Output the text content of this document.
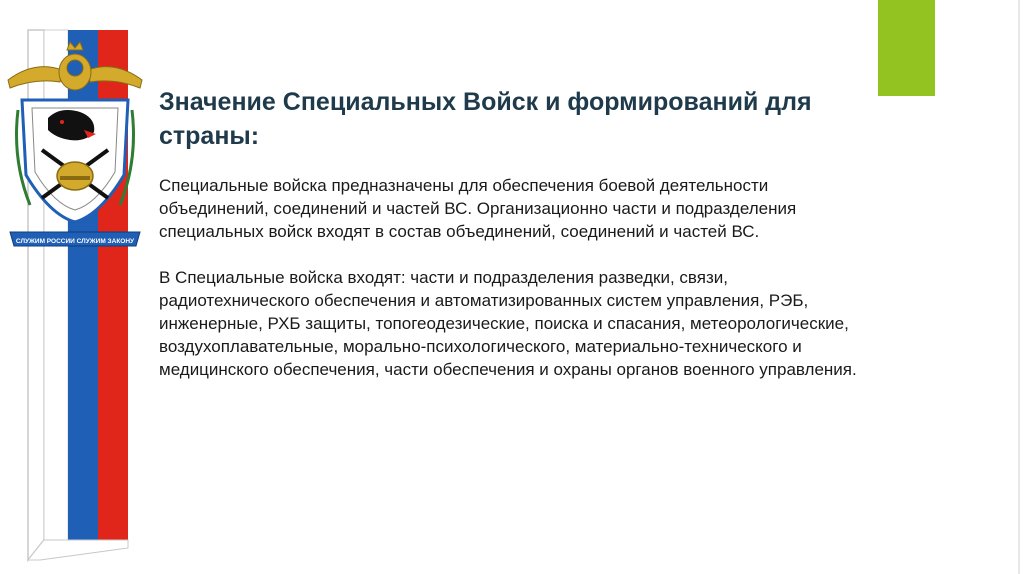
СЛУЖИМ РОССИИ СЛУЖИМ ЗАКОНУ
Значение Специальных Войск и формирований для страны:

Специальные войска предназначены для обеспечения боевой деятельности объединений, соединений и частей ВС. Организационно части и подразделения специальных войск входят в состав объединений, соединений и частей ВС.

В Специальные войска входят: части и подразделения разведки, связи, радиотехнического обеспечения и автоматизированных систем управления, РЭБ, инженерные, РХБ защиты, топогеодезические, поиска и спасания, метеорологические, воздухоплавательные, морально-психологического, материально-технического и медицинского обеспечения, части обеспечения и охраны органов военного управления.
